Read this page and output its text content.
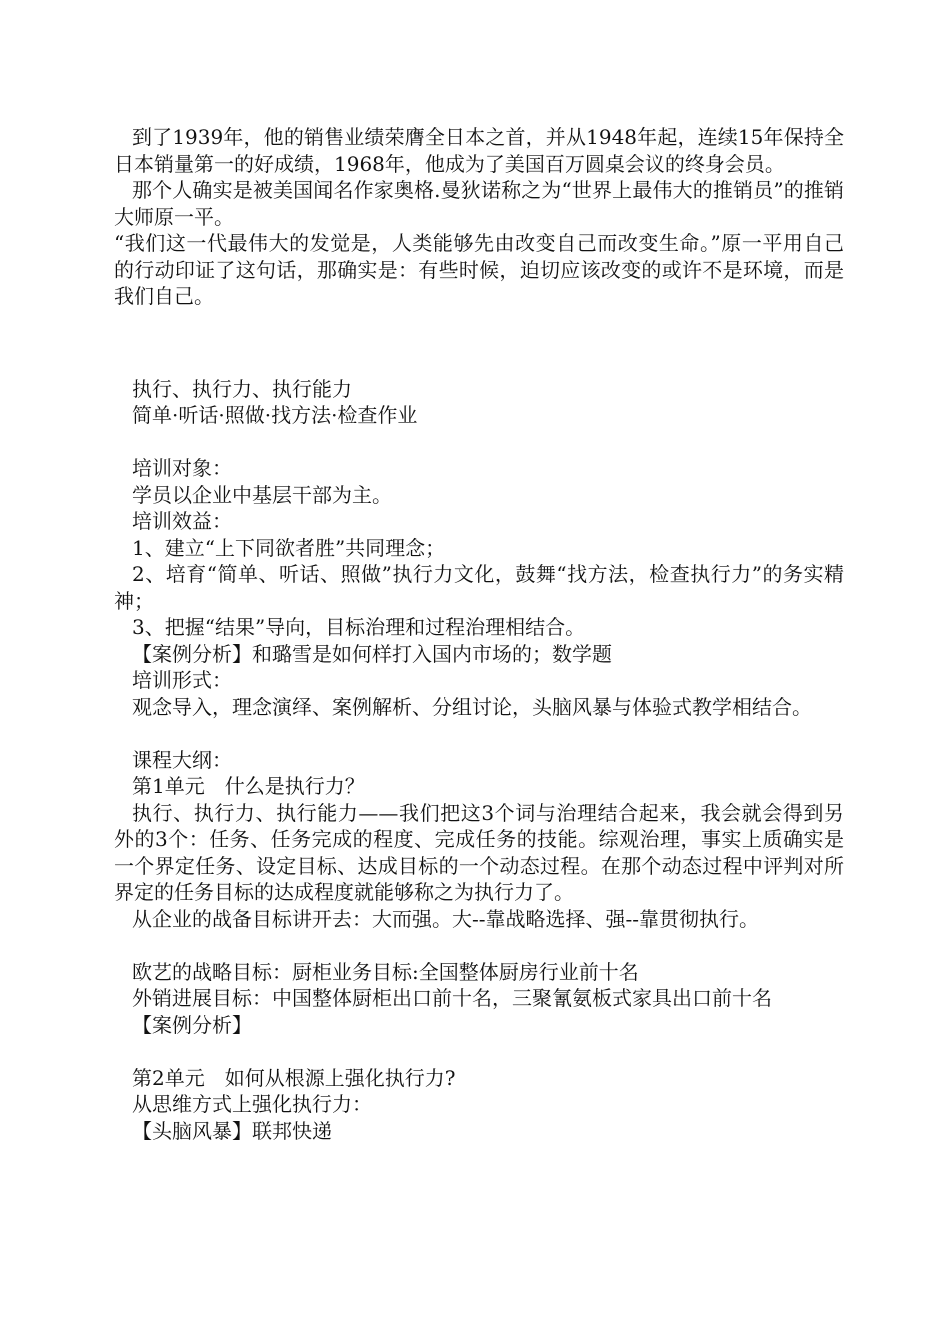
到了1939年，他的销售业绩荣膺全日本之首，并从1948年起，连续15年保持全日本销量第一的好成绩，1968年，他成为了美国百万圆桌会议的终身会员。

那个人确实是被美国闻名作家奥格.曼狄诺称之为“世界上最伟大的推销员”的推销大师原一平。

“我们这一代最伟大的发觉是，人类能够先由改变自己而改变生命。”原一平用自己的行动印证了这句话，那确实是：有些时候，迫切应该改变的或许不是环境，而是我们自己。

执行、执行力、执行能力

简单·听话·照做·找方法·检查作业

培训对象：

学员以企业中基层干部为主。

培训效益：

1、建立“上下同欲者胜”共同理念；

2、培育“简单、听话、照做”执行力文化，鼓舞“找方法，检查执行力”的务实精神；

3、把握“结果”导向，目标治理和过程治理相结合。

【案例分析】和璐雪是如何样打入国内市场的；数学题

培训形式：

观念导入，理念演绎、案例解析、分组讨论，头脑风暴与体验式教学相结合。

课程大纲：

第1单元　什么是执行力？

执行、执行力、执行能力——我们把这3个词与治理结合起来，我会就会得到另外的3个：任务、任务完成的程度、完成任务的技能。综观治理，事实上质确实是一个界定任务、设定目标、达成目标的一个动态过程。在那个动态过程中评判对所界定的任务目标的达成程度就能够称之为执行力了。

从企业的战备目标讲开去：大而强。大--靠战略选择、强--靠贯彻执行。

欧艺的战略目标：厨柜业务目标:全国整体厨房行业前十名

外销进展目标：中国整体厨柜出口前十名，三聚氰氨板式家具出口前十名

【案例分析】

第2单元　如何从根源上强化执行力?

从思维方式上强化执行力：

【头脑风暴】联邦快递
